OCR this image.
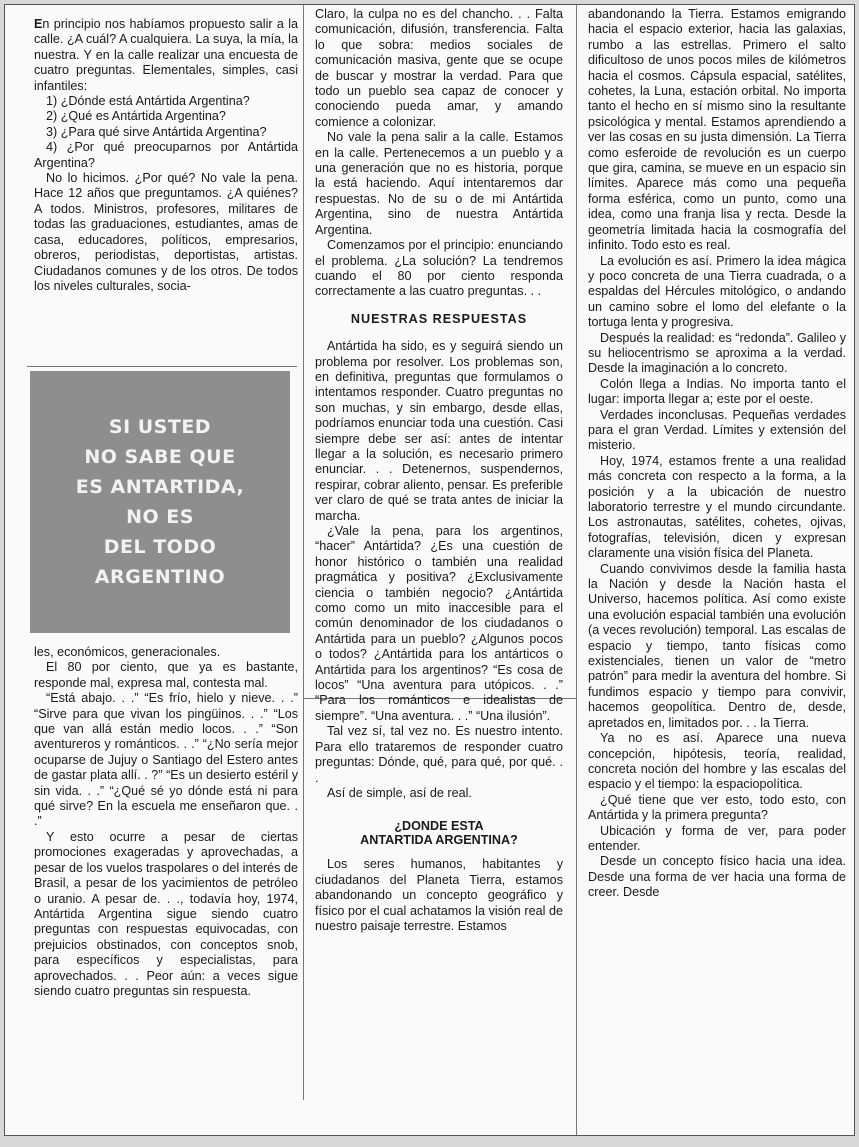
En principio nos habíamos propuesto salir a la calle. ¿A cuál? A cualquiera. La suya, la mía, la nuestra. Y en la calle realizar una encuesta de cuatro preguntas. Elementales, simples, casi infantiles:

1) ¿Dónde está Antártida Argentina?

2) ¿Qué es Antártida Argentina?

3) ¿Para qué sirve Antártida Argentina?

4) ¿Por qué preocuparnos por Antártida Argentina?

No lo hicimos. ¿Por qué? No vale la pena. Hace 12 años que preguntamos. ¿A quiénes? A todos. Ministros, profesores, militares de todas las graduaciones, estudiantes, amas de casa, educadores, políticos, empresarios, obreros, periodistas, deportistas, artistas. Ciudadanos comunes y de los otros. De todos los niveles culturales, socia-

SI USTED
NO SABE QUE
ES ANTARTIDA,
NO ES
DEL TODO
ARGENTINO

les, económicos, generacionales.

El 80 por ciento, que ya es bastante, responde mal, expresa mal, contesta mal.

“Está abajo. . .” “Es frío, hielo y nieve. . .” “Sirve para que vivan los pingüinos. . .” “Los que van allá están medio locos. . .” “Son aventureros y románticos. . .” “¿No sería mejor ocuparse de Jujuy o Santiago del Estero antes de gastar plata allí. . ?” “Es un desierto estéril y sin vida. . .” “¿Qué sé yo dónde está ni para qué sirve? En la escuela me enseñaron que. . .”

Y esto ocurre a pesar de ciertas promociones exageradas y aprovechadas, a pesar de los vuelos traspolares o del interés de Brasil, a pesar de los yacimientos de petróleo o uranio. A pesar de. . ., todavía hoy, 1974, Antártida Argentina sigue siendo cuatro preguntas con respuestas equivocadas, con prejuicios obstinados, con conceptos snob, para específicos y especialistas, para aprovechados. . . Peor aún: a veces sigue siendo cuatro preguntas sin respuesta.

Claro, la culpa no es del chancho. . . Falta comunicación, difusión, transferencia. Falta lo que sobra: medios sociales de comunicación masiva, gente que se ocupe de buscar y mostrar la verdad. Para que todo un pueblo sea capaz de conocer y conociendo pueda amar, y amando comience a colonizar.

No vale la pena salir a la calle. Estamos en la calle. Pertenecemos a un pueblo y a una generación que no es historia, porque la está haciendo. Aquí intentaremos dar respuestas. No de su o de mi Antártida Argentina, sino de nuestra Antártida Argentina.

Comenzamos por el principio: enunciando el problema. ¿La solución? La tendremos cuando el 80 por ciento responda correctamente a las cuatro preguntas. . .

NUESTRAS RESPUESTAS

Antártida ha sido, es y seguirá siendo un problema por resolver. Los problemas son, en definitiva, preguntas que formulamos o intentamos responder. Cuatro preguntas no son muchas, y sin embargo, desde ellas, podríamos enunciar toda una cuestión. Casi siempre debe ser así: antes de intentar llegar a la solución, es necesario primero enunciar. . . Detenernos, suspendernos, respirar, cobrar aliento, pensar. Es preferible ver claro de qué se trata antes de iniciar la marcha.

¿Vale la pena, para los argentinos, “hacer” Antártida? ¿Es una cuestión de honor histórico o también una realidad pragmática y positiva? ¿Exclusivamente ciencia o también negocio? ¿Antártida como como un mito inaccesible para el común denominador de los ciudadanos o Antártida para un pueblo? ¿Algunos pocos o todos? ¿Antártida para los antárticos o Antártida para los argentinos? “Es cosa de locos” “Una aventura para utópicos. . .” “Para los románticos e idealistas de siempre”. “Una aventura. . .” “Una ilusión”.

Tal vez sí, tal vez no. Es nuestro intento. Para ello trataremos de responder cuatro preguntas: Dónde, qué, para qué, por qué. . .

Así de simple, así de real.

¿DONDE ESTA
ANTARTIDA ARGENTINA?

Los seres humanos, habitantes y ciudadanos del Planeta Tierra, estamos abandonando un concepto geográfico y físico por el cual achatamos la visión real de nuestro paisaje terrestre. Estamos

abandonando la Tierra. Estamos emigrando hacia el espacio exterior, hacia las galaxias, rumbo a las estrellas. Primero el salto dificultoso de unos pocos miles de kilómetros hacia el cosmos. Cápsula espacial, satélites, cohetes, la Luna, estación orbital. No importa tanto el hecho en sí mismo sino la resultante psicológica y mental. Estamos aprendiendo a ver las cosas en su justa dimensión. La Tierra como esferoide de revolución es un cuerpo que gira, camina, se mueve en un espacio sin límites. Aparece más como una pequeña forma esférica, como un punto, como una idea, como una franja lisa y recta. Desde la geometría limitada hacia la cosmografía del infinito. Todo esto es real.

La evolución es así. Primero la idea mágica y poco concreta de una Tierra cuadrada, o a espaldas del Hércules mitológico, o andando un camino sobre el lomo del elefante o la tortuga lenta y progresiva.

Después la realidad: es “redonda”. Galileo y su heliocentrismo se aproxima a la verdad. Desde la imaginación a lo concreto.

Colón llega a Indias. No importa tanto el lugar: importa llegar a; este por el oeste.

Verdades inconclusas. Pequeñas verdades para el gran Verdad. Límites y extensión del misterio.

Hoy, 1974, estamos frente a una realidad más concreta con respecto a la forma, a la posición y a la ubicación de nuestro laboratorio terrestre y el mundo circundante. Los astronautas, satélites, cohetes, ojivas, fotografías, televisión, dicen y expresan claramente una visión física del Planeta.

Cuando convivimos desde la familia hasta la Nación y desde la Nación hasta el Universo, hacemos política. Así como existe una evolución espacial también una evolución (a veces revolución) temporal. Las escalas de espacio y tiempo, tanto físicas como existenciales, tienen un valor de “metro patrón” para medir la aventura del hombre. Si fundimos espacio y tiempo para convivir, hacemos geopolítica. Dentro de, desde, apretados en, limitados por. . . la Tierra.

Ya no es así. Aparece una nueva concepción, hipótesis, teoría, realidad, concreta noción del hombre y las escalas del espacio y el tiempo: la espaciopolítica.

¿Qué tiene que ver esto, todo esto, con Antártida y la primera pregunta?

Ubicación y forma de ver, para poder entender.

Desde un concepto físico hacia una idea. Desde una forma de ver hacia una forma de creer. Desde
